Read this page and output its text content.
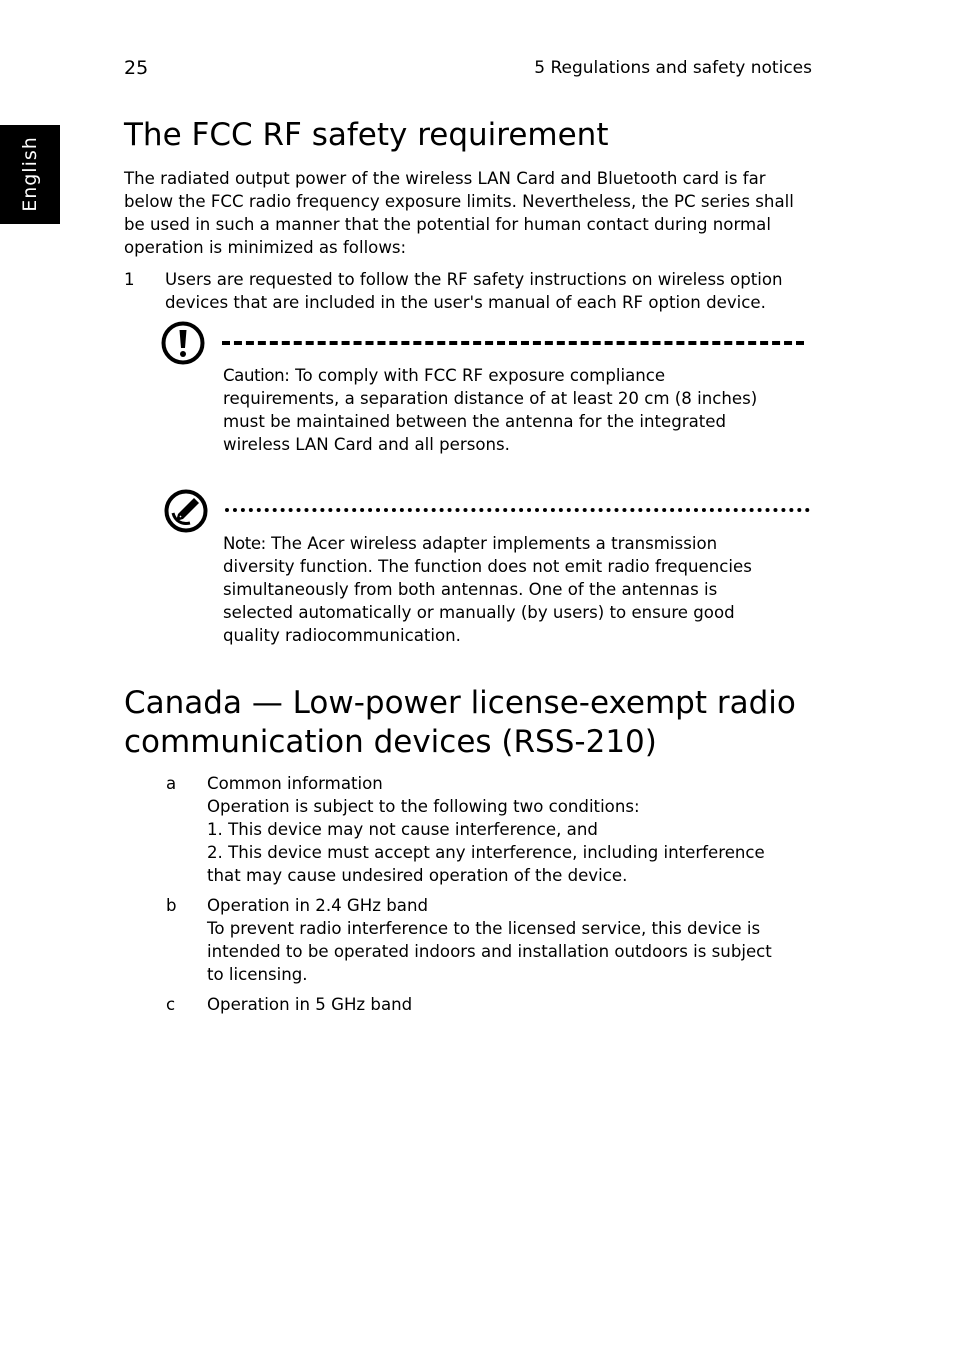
25	5 Regulations and safety notices
English
The FCC RF safety requirement
The radiated output power of the wireless LAN Card and Bluetooth card is far
below the FCC radio frequency exposure limits. Nevertheless, the PC series shall
be used in such a manner that the potential for human contact during normal
operation is minimized as follows:
1 Users are requested to follow the RF safety instructions on wireless option
devices that are included in the user's manual of each RF option device.
Caution: To comply with FCC RF exposure compliance
requirements, a separation distance of at least 20 cm (8 inches)
must be maintained between the antenna for the integrated
wireless LAN Card and all persons.
Note: The Acer wireless adapter implements a transmission
diversity function. The function does not emit radio frequencies
simultaneously from both antennas. One of the antennas is
selected automatically or manually (by users) to ensure good
quality radiocommunication.
Canada — Low-power license-exempt radio
communication devices (RSS-210)
a Common information
Operation is subject to the following two conditions:
1. This device may not cause interference, and
2. This device must accept any interference, including interference
that may cause undesired operation of the device.
b Operation in 2.4 GHz band
To prevent radio interference to the licensed service, this device is
intended to be operated indoors and installation outdoors is subject
to licensing.
c Operation in 5 GHz band
